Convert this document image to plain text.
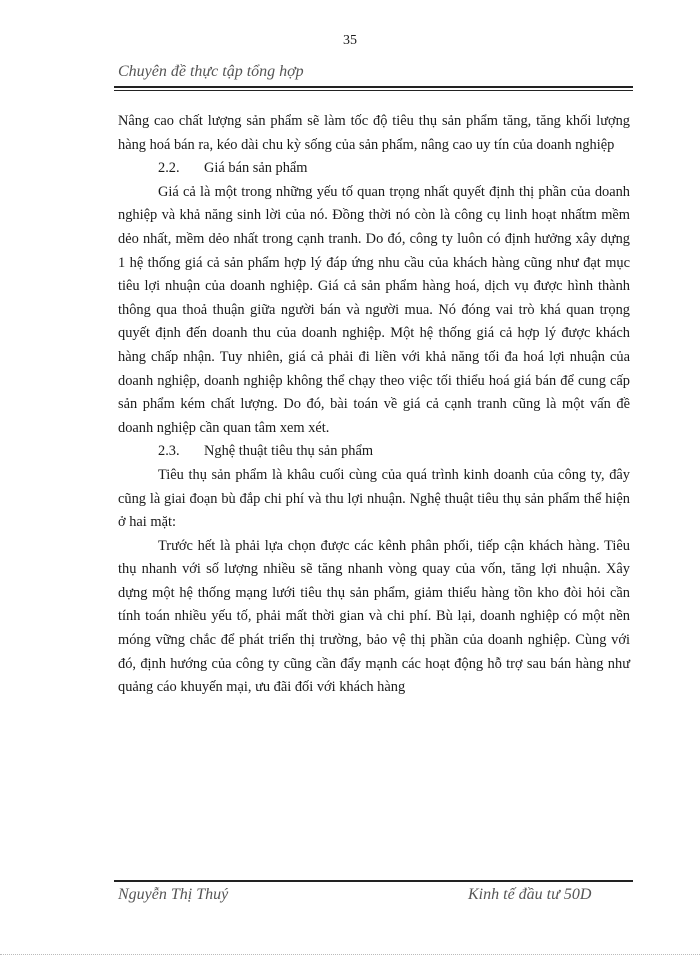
35
Chuyên đề thực tập tổng hợp

Nâng cao chất lượng sản phẩm sẽ làm tốc độ tiêu thụ sản phẩm tăng, tăng khối lượng hàng hoá bán ra, kéo dài chu kỳ sống của sản phẩm, nâng cao uy tín của doanh nghiệp

2.2. Giá bán sản phẩm

Giá cả là một trong những yếu tố quan trọng nhất quyết định thị phần của doanh nghiệp và khả năng sinh lời của nó. Đồng thời nó còn là công cụ linh hoạt nhấtm mềm dẻo nhất, mềm dẻo nhất trong cạnh tranh. Do đó, công ty luôn có định hưởng xây dựng 1 hệ thống giá cả sản phẩm hợp lý đáp ứng nhu cầu của khách hàng cũng như đạt mục tiêu lợi nhuận của doanh nghiệp. Giá cả sản phẩm hàng hoá, dịch vụ được hình thành thông qua thoả thuận giữa người bán và người mua. Nó đóng vai trò khá quan trọng quyết định đến doanh thu của doanh nghiệp. Một hệ thống giá cả hợp lý được khách hàng chấp nhận. Tuy nhiên, giá cả phải đi liền với khả năng tối đa hoá lợi nhuận của doanh nghiệp, doanh nghiệp không thể chạy theo việc tối thiểu hoá giá bán để cung cấp sản phẩm kém chất lượng. Do đó, bài toán về giá cả cạnh tranh cũng là một vấn đề doanh nghiệp cần quan tâm xem xét.

2.3. Nghệ thuật tiêu thụ sản phẩm

Tiêu thụ sản phẩm là khâu cuối cùng của quá trình kinh doanh của công ty, đây cũng là giai đoạn bù đắp chi phí và thu lợi nhuận. Nghệ thuật tiêu thụ sản phẩm thể hiện ở hai mặt:

Trước hết là phải lựa chọn được các kênh phân phối, tiếp cận khách hàng. Tiêu thụ nhanh với số lượng nhiều sẽ tăng nhanh vòng quay của vốn, tăng lợi nhuận. Xây dựng một hệ thống mạng lưới tiêu thụ sản phẩm, giảm thiểu hàng tồn kho đòi hỏi cần tính toán nhiều yếu tố, phải mất thời gian và chi phí. Bù lại, doanh nghiệp có một nền móng vững chắc để phát triển thị trường, bảo vệ thị phần của doanh nghiệp. Cùng với đó, định hướng của công ty cũng cần đẩy mạnh các hoạt động hỗ trợ sau bán hàng như quảng cáo khuyến mại, ưu đãi đối với khách hàng

Nguyễn Thị Thuý	Kinh tế đầu tư 50D
